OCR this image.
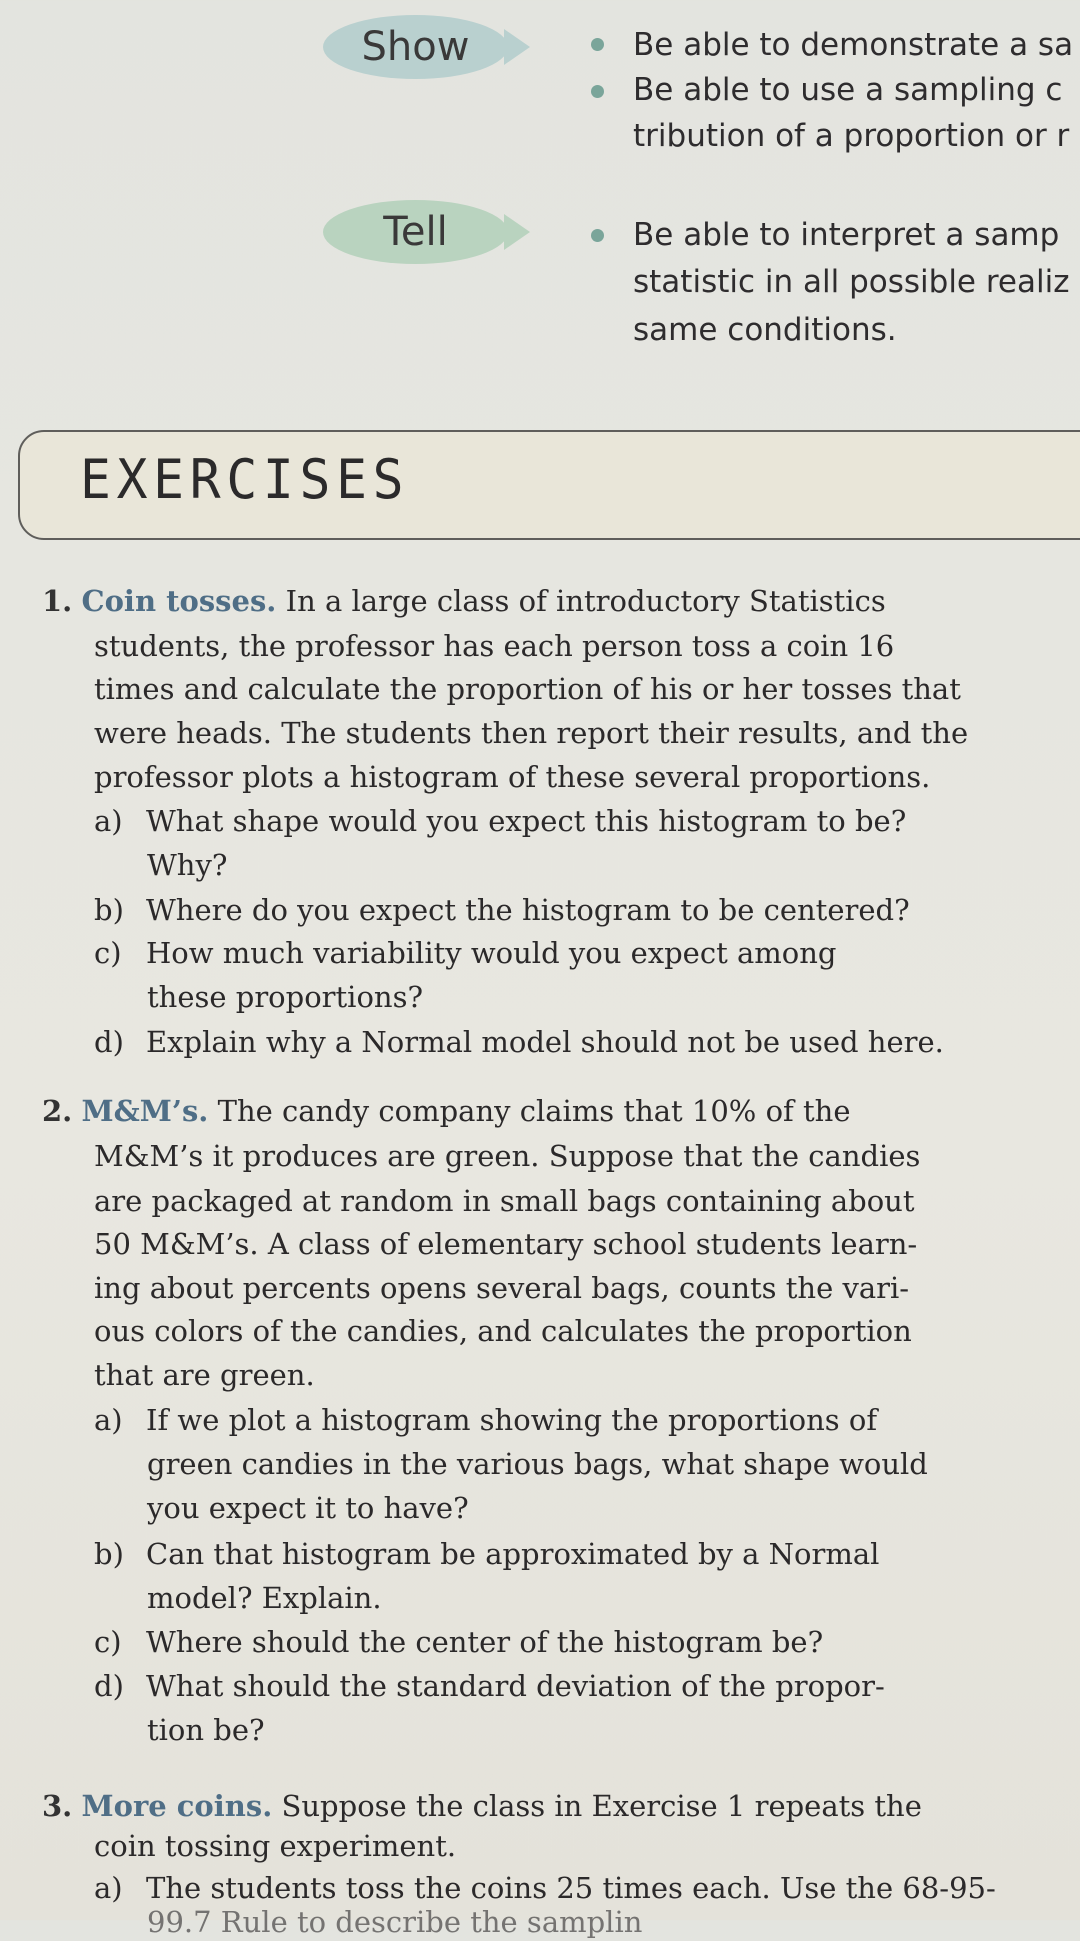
Show
Tell
Be able to demonstrate a sa
Be able to use a sampling c
tribution of a proportion or r
Be able to interpret a samp
statistic in all possible realiz
same conditions.
EXERCISES
1. Coin tosses. In a large class of introductory Statistics
students, the professor has each person toss a coin 16
times and calculate the proportion of his or her tosses that
were heads. The students then report their results, and the
professor plots a histogram of these several proportions.
a) What shape would you expect this histogram to be?
Why?
b) Where do you expect the histogram to be centered?
c) How much variability would you expect among
these proportions?
d) Explain why a Normal model should not be used here.
2. M&M’s. The candy company claims that 10% of the
M&M’s it produces are green. Suppose that the candies
are packaged at random in small bags containing about
50 M&M’s. A class of elementary school students learn-
ing about percents opens several bags, counts the vari-
ous colors of the candies, and calculates the proportion
that are green.
a) If we plot a histogram showing the proportions of
green candies in the various bags, what shape would
you expect it to have?
b) Can that histogram be approximated by a Normal
model? Explain.
c) Where should the center of the histogram be?
d) What should the standard deviation of the propor-
tion be?
3. More coins. Suppose the class in Exercise 1 repeats the
coin tossing experiment.
a) The students toss the coins 25 times each. Use the 68-95-
99.7 Rule to describe the samplin
